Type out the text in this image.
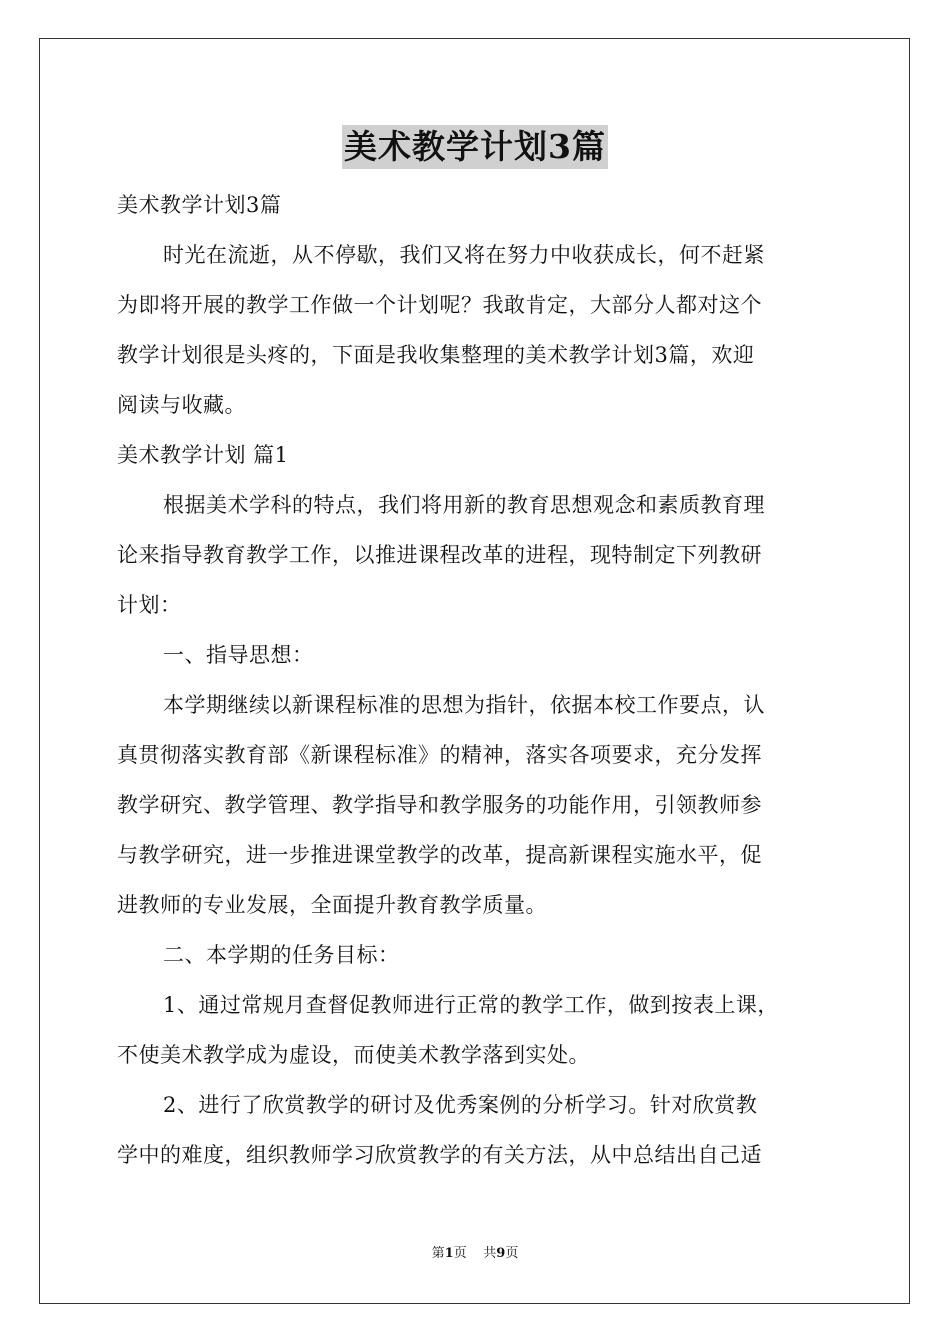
美术教学计划3篇

美术教学计划3篇

时光在流逝，从不停歇，我们又将在努力中收获成长，何不赶紧

为即将开展的教学工作做一个计划呢？我敢肯定，大部分人都对这个

教学计划很是头疼的，下面是我收集整理的美术教学计划3篇，欢迎

阅读与收藏。

美术教学计划 篇1

根据美术学科的特点，我们将用新的教育思想观念和素质教育理

论来指导教育教学工作，以推进课程改革的进程，现特制定下列教研

计划：

一、指导思想：

本学期继续以新课程标准的思想为指针，依据本校工作要点，认

真贯彻落实教育部《新课程标准》的精神，落实各项要求，充分发挥

教学研究、教学管理、教学指导和教学服务的功能作用，引领教师参

与教学研究，进一步推进课堂教学的改革，提高新课程实施水平，促

进教师的专业发展，全面提升教育教学质量。

二、本学期的任务目标：

1、通过常规月查督促教师进行正常的教学工作，做到按表上课，

不使美术教学成为虚设，而使美术教学落到实处。

2、进行了欣赏教学的研讨及优秀案例的分析学习。针对欣赏教

学中的难度，组织教师学习欣赏教学的有关方法，从中总结出自己适

第1页 共9页
